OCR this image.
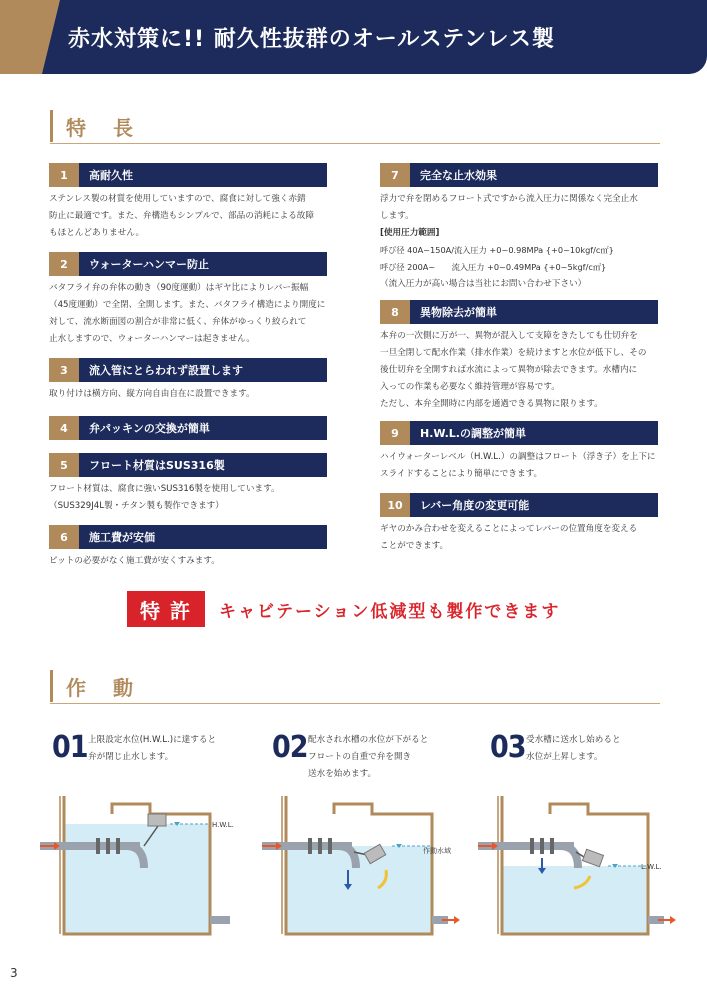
赤水対策に!! 耐久性抜群のオールステンレス製
特 長
1	高耐久性
ステンレス製の材質を使用していますので、腐食に対して強く赤錆
防止に最適です。また、弁構造もシンプルで、部品の消耗による故障
もほとんどありません。
2	ウォーターハンマー防止
バタフライ弁の弁体の動き（90度運動）はギヤ比によりレバー振幅
（45度運動）で全閉、全開します。また、バタフライ構造により開度に
対して、流水断面図の割合が非常に低く、弁体がゆっくり絞られて
止水しますので、ウォーターハンマーは起きません。
3	流入管にとらわれず設置します
取り付けは横方向、縦方向自由自在に設置できます。
4	弁パッキンの交換が簡単
5	フロート材質はSUS316製
フロート材質は、腐食に強いSUS316製を使用しています。
（SUS329J4L製・チタン製も製作できます）
6	施工費が安価
ピットの必要がなく施工費が安くすみます。
7	完全な止水効果
浮力で弁を閉めるフロート式ですから流入圧力に関係なく完全止水
します。
[使用圧力範囲]
呼び径 40A~150A/流入圧力 +0~0.98MPa {+0~10kgf/c㎡}
呼び径 200A~　　流入圧力 +0~0.49MPa {+0~5kgf/c㎡}
（流入圧力が高い場合は当社にお問い合わせ下さい）
8	異物除去が簡単
本弁の一次側に万が一、異物が混入して支障をきたしても仕切弁を
一旦全閉して配水作業（排水作業）を続けますと水位が低下し、その
後仕切弁を全開すれば水流によって異物が除去できます。水槽内に
入っての作業も必要なく維持管理が容易です。
ただし、本弁全開時に内部を通過できる異物に限ります。
9	H.W.L.の調整が簡単
ハイウォーターレベル（H.W.L.）の調整はフロート（浮き子）を上下に
スライドすることにより簡単にできます。
10	レバー角度の変更可能
ギヤのかみ合わせを変えることによってレバーの位置角度を変える
ことができます。
特許 キャビテーション低減型も製作できます
作 動
01 上限設定水位(H.W.L.)に達すると
弁が閉じ止水します。	02 配水され水槽の水位が下がると
フロートの自重で弁を開き
送水を始めます。
03 受水槽に送水し始めると
水位が上昇します。
H.W.L.
作動水域
L.W.L.
3
